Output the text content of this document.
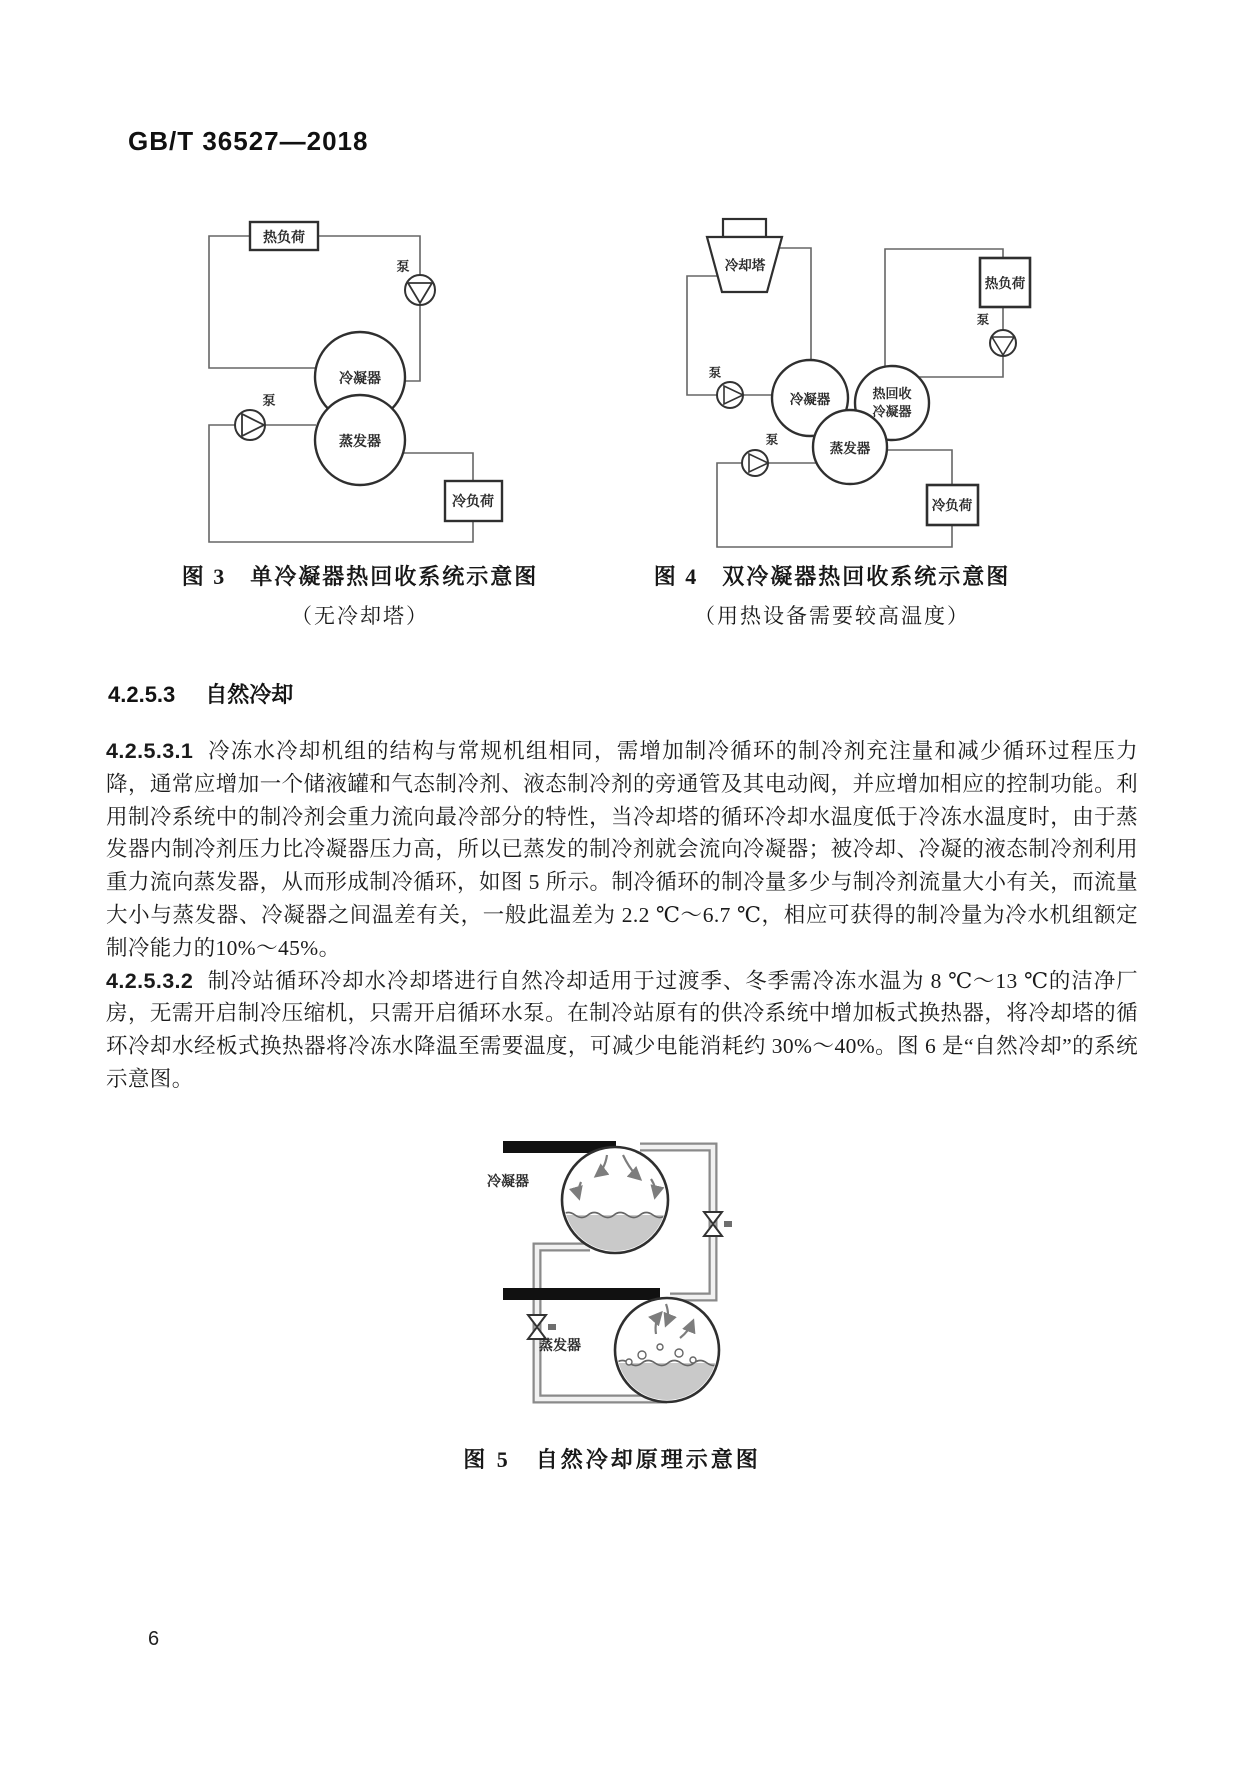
GB/T 36527—2018
热负荷
泵
冷凝器
蒸发器
泵
冷负荷
冷却塔
冷凝器	热回收
冷凝器
蒸发器
泵
泵
泵
热负荷
冷负荷
图 3　单冷凝器热回收系统示意图
（无冷却塔）
图 4　双冷凝器热回收系统示意图
（用热设备需要较高温度）
4.2.5.3 自然冷却

4.2.5.3.1 冷冻水冷却机组的结构与常规机组相同，需增加制冷循环的制冷剂充注量和减少循环过程压力降，通常应增加一个储液罐和气态制冷剂、液态制冷剂的旁通管及其电动阀，并应增加相应的控制功能。利用制冷系统中的制冷剂会重力流向最冷部分的特性，当冷却塔的循环冷却水温度低于冷冻水温度时，由于蒸发器内制冷剂压力比冷凝器压力高，所以已蒸发的制冷剂就会流向冷凝器；被冷却、冷凝的液态制冷剂利用重力流向蒸发器，从而形成制冷循环，如图 5 所示。制冷循环的制冷量多少与制冷剂流量大小有关，而流量大小与蒸发器、冷凝器之间温差有关，一般此温差为 2.2 ℃～6.7 ℃，相应可获得的制冷量为冷水机组额定制冷能力的10%～45%。

4.2.5.3.2 制冷站循环冷却水冷却塔进行自然冷却适用于过渡季、冬季需冷冻水温为 8 ℃～13 ℃的洁净厂房，无需开启制冷压缩机，只需开启循环水泵。在制冷站原有的供冷系统中增加板式换热器，将冷却塔的循环冷却水经板式换热器将冷冻水降温至需要温度，可减少电能消耗约 30%～40%。图 6 是“自然冷却”的系统示意图。

冷凝器
蒸发器
图 5　自然冷却原理示意图
6
